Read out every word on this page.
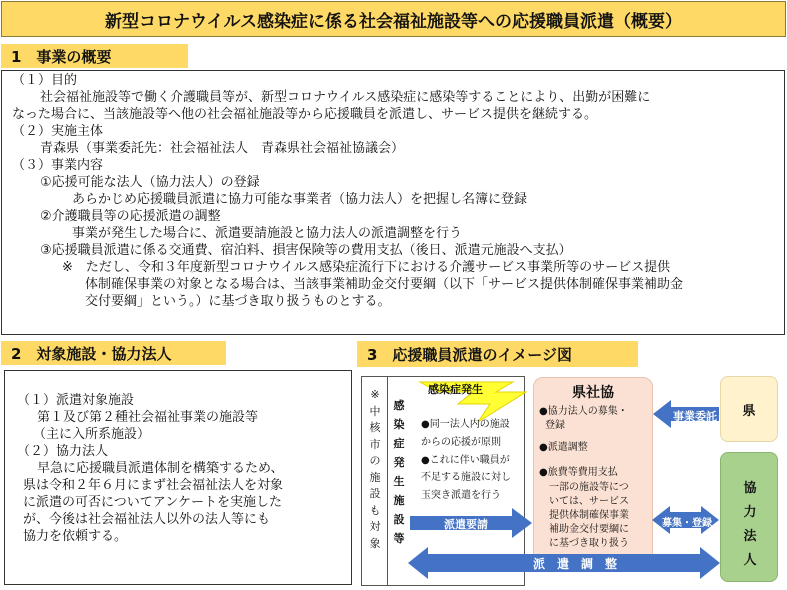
新型コロナウイルス感染症に係る社会福祉施設等への応援職員派遣（概要）
1　事業の概要
（１）目的
社会福祉施設等で働く介護職員等が、新型コロナウイルス感染症に感染等することにより、出勤が困難に
なった場合に、当該施設等へ他の社会福祉施設等から応援職員を派遣し、サービス提供を継続する。
（２）実施主体
青森県（事業委託先：社会福祉法人　青森県社会福祉協議会）
（３）事業内容
①応援可能な法人（協力法人）の登録
あらかじめ応援職員派遣に協力可能な事業者（協力法人）を把握し名簿に登録
②介護職員等の応援派遣の調整
事業が発生した場合に、派遣要請施設と協力法人の派遣調整を行う
③応援職員派遣に係る交通費、宿泊料、損害保険等の費用支払（後日、派遣元施設へ支払）
※　ただし、令和３年度新型コロナウイルス感染症流行下における介護サービス事業所等のサービス提供
体制確保事業の対象となる場合は、当該事業補助金交付要綱（以下「サービス提供体制確保事業補助金
交付要綱」という。）に基づき取り扱うものとする。
2　対象施設・協力法人
（１）派遣対象施設
第１及び第２種社会福祉事業の施設等
（主に入所系施設）
（２）協力法人
早急に応援職員派遣体制を構築するため、
県は令和２年６月にまず社会福祉法人を対象
に派遣の可否についてアンケートを実施した
が、今後は社会福祉法人以外の法人等にも
協力を依頼する。
3　応援職員派遣のイメージ図
※
中
核
市
の
施
設
も
対
象
感
染
症
発
生
施
設
等
感染症発生
●同一法人内の施設
からの応援が原則
●これに伴い職員が
不足する施設に対し
玉突き派遣を行う
県社協
●協力法人の募集・
登録
●派遣調整
●旅費等費用支払
一部の施設等につ
いては、サービス
提供体制確保事業
補助金交付要綱に
に基づき取り扱う
県
協
力
法
人
事業委託
募集・登録
派遣要請
派　遣　調　整
